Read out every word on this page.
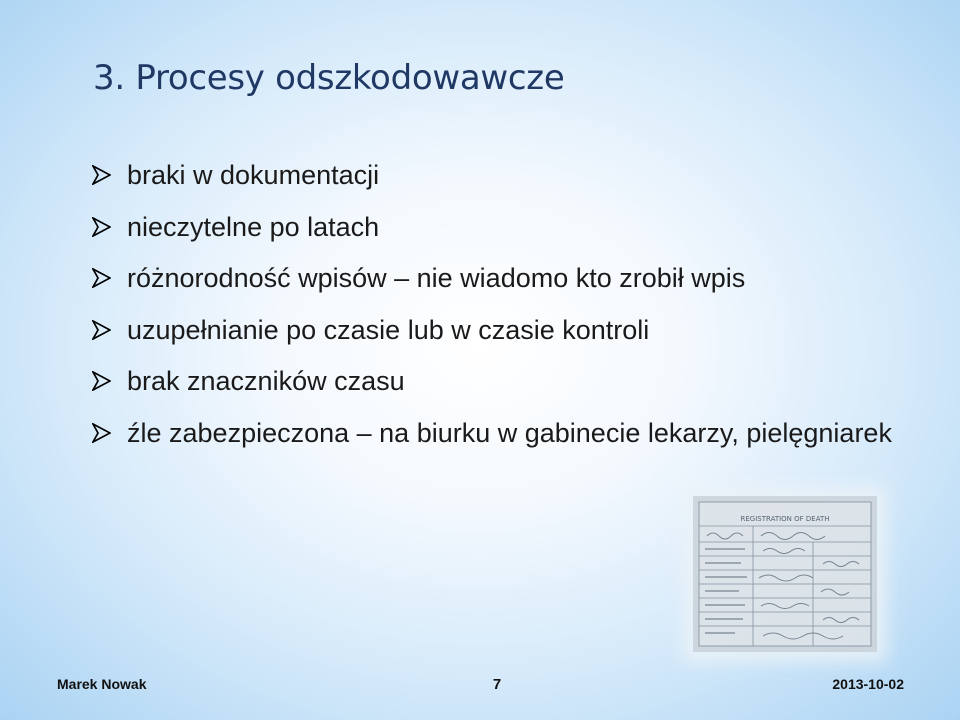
3. Procesy odszkodowawcze
braki w dokumentacji
nieczytelne po latach
różnorodność wpisów – nie wiadomo kto zrobił wpis
uzupełnianie po czasie lub w czasie kontroli
brak znaczników czasu
źle zabezpieczona – na biurku w gabinecie lekarzy, pielęgniarek
REGISTRATION OF DEATH
Marek Nowak	7	2013-10-02
